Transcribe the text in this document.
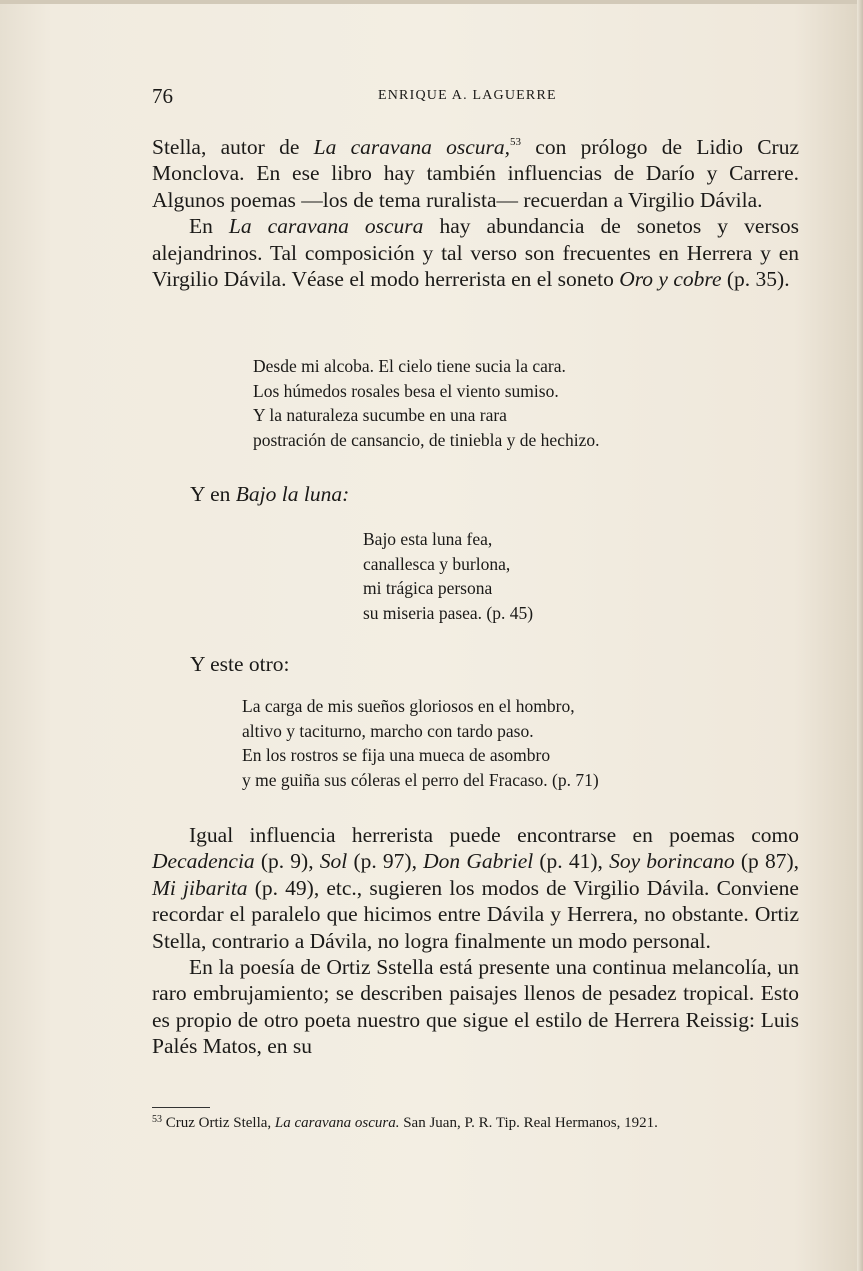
76	ENRIQUE A. LAGUERRE

Stella, autor de La caravana oscura,$^{53}$ con prólogo de Lidio Cruz Monclova. En ese libro hay también influencias de Darío y Carrere. Algunos poemas —los de tema ruralista— recuerdan a Virgilio Dávila.

En La caravana oscura hay abundancia de sonetos y versos alejandrinos. Tal composición y tal verso son frecuentes en Herrera y en Virgilio Dávila. Véase el modo herrerista en el soneto Oro y cobre (p. 35).

Desde mi alcoba. El cielo tiene sucia la cara.
Los húmedos rosales besa el viento sumiso.
Y la naturaleza sucumbe en una rara
postración de cansancio, de tiniebla y de hechizo.
Y en Bajo la luna:
Bajo esta luna fea,
canallesca y burlona,
mi trágica persona
su miseria pasea. (p. 45)
Y este otro:
La carga de mis sueños gloriosos en el hombro,
altivo y taciturno, marcho con tardo paso.
En los rostros se fija una mueca de asombro
y me guiña sus cóleras el perro del Fracaso. (p. 71)

Igual influencia herrerista puede encontrarse en poemas como Decadencia (p. 9), Sol (p. 97), Don Gabriel (p. 41), Soy borincano (p 87), Mi jibarita (p. 49), etc., sugieren los modos de Virgilio Dávila. Conviene recordar el paralelo que hicimos entre Dávila y Herrera, no obstante. Ortiz Stella, contrario a Dávila, no logra finalmente un modo personal.

En la poesía de Ortiz Sstella está presente una continua melancolía, un raro embrujamiento; se describen paisajes llenos de pesadez tropical. Esto es propio de otro poeta nuestro que sigue el estilo de Herrera Reissig: Luis Palés Matos, en su

$^{53}$ Cruz Ortiz Stella, La caravana oscura. San Juan, P. R. Tip. Real Hermanos, 1921.
